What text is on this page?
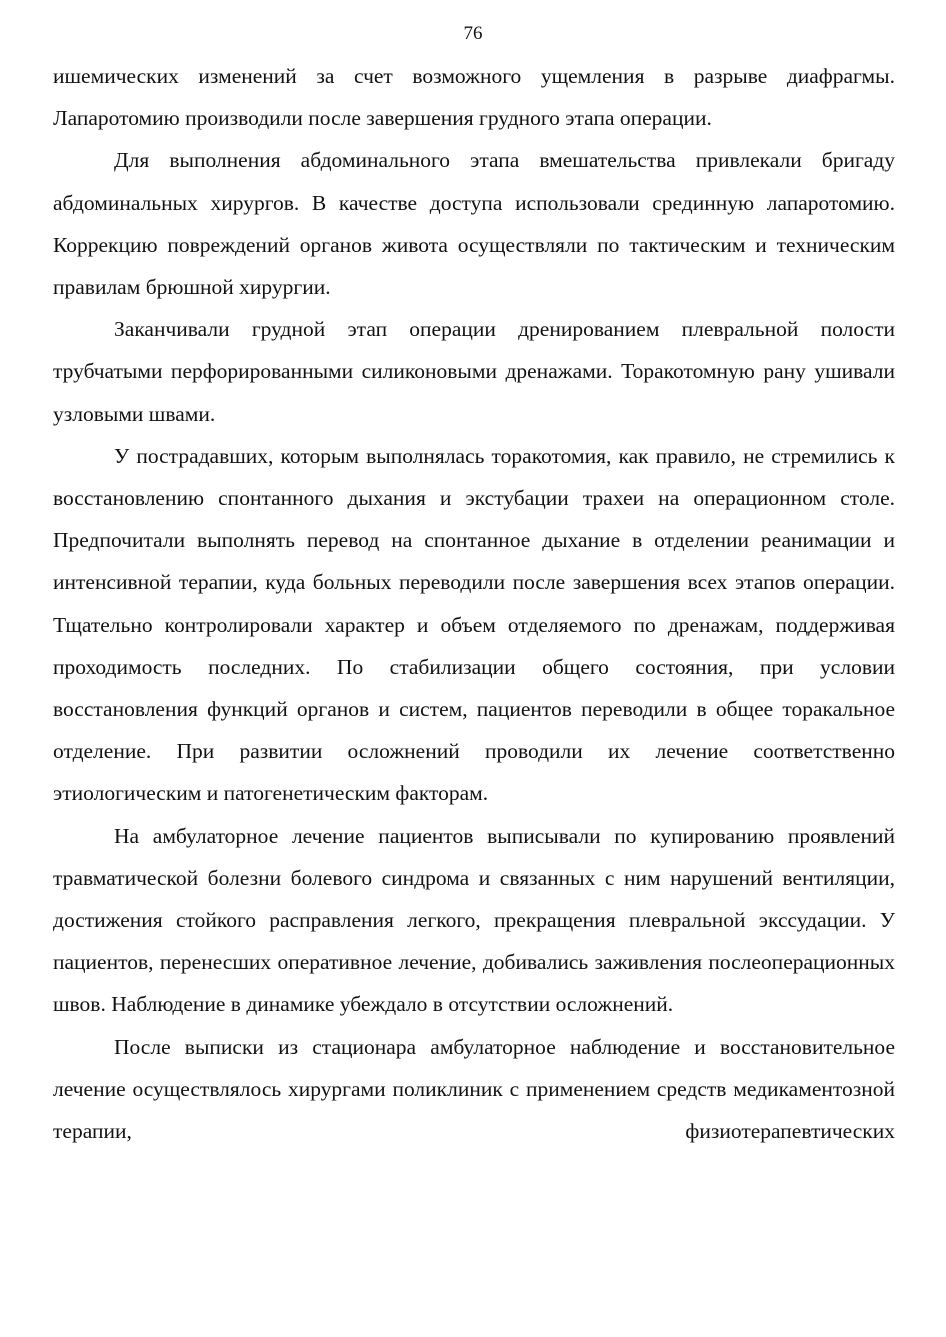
76

ишемических изменений за счет возможного ущемления в разрыве диафрагмы. Лапаротомию производили после завершения грудного этапа операции.

Для выполнения абдоминального этапа вмешательства привлекали бригаду абдоминальных хирургов. В качестве доступа использовали срединную лапаротомию. Коррекцию повреждений органов живота осуществляли по тактическим и техническим правилам брюшной хирургии.

Заканчивали грудной этап операции дренированием плевральной полости трубчатыми перфорированными силиконовыми дренажами. Торакотомную рану ушивали узловыми швами.

У пострадавших, которым выполнялась торакотомия, как правило, не стремились к восстановлению спонтанного дыхания и экстубации трахеи на операционном столе. Предпочитали выполнять перевод на спонтанное дыхание в отделении реанимации и интенсивной терапии, куда больных переводили после завершения всех этапов операции. Тщательно контролировали характер и объем отделяемого по дренажам, поддерживая проходимость последних. По стабилизации общего состояния, при условии восстановления функций органов и систем, пациентов переводили в общее торакальное отделение. При развитии осложнений проводили их лечение соответственно этиологическим и патогенетическим факторам.

На амбулаторное лечение пациентов выписывали по купированию проявлений травматической болезни болевого синдрома и связанных с ним нарушений вентиляции, достижения стойкого расправления легкого, прекращения плевральной экссудации. У пациентов, перенесших оперативное лечение, добивались заживления послеоперационных швов. Наблюдение в динамике убеждало в отсутствии осложнений.

После выписки из стационара амбулаторное наблюдение и восстановительное лечение осуществлялось хирургами поликлиник с применением средств медикаментозной терапии, физиотерапевтических
